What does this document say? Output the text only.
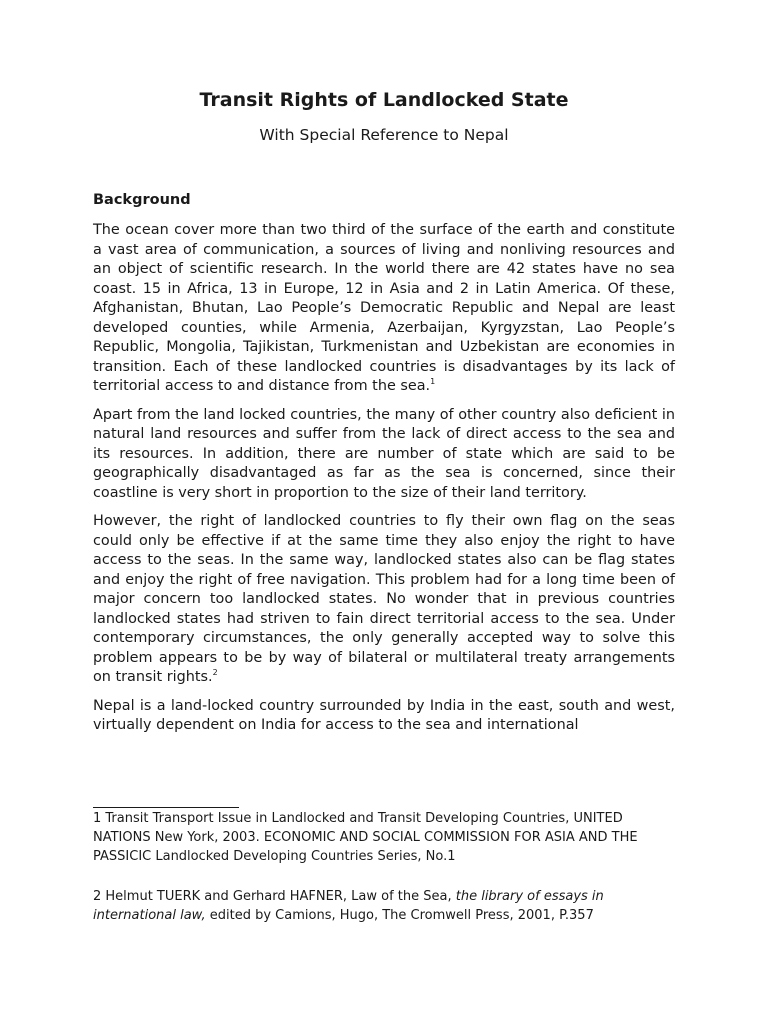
Transit Rights of Landlocked State
With Special Reference to Nepal
Background

The ocean cover more than two third of the surface of the earth and constitute a vast area of communication, a sources of living and nonliving resources and an object of scientific research. In the world there are 42 states have no sea coast. 15 in Africa, 13 in Europe, 12 in Asia and 2 in Latin America. Of these, Afghanistan, Bhutan, Lao People’s Democratic Republic and Nepal are least developed counties, while Armenia, Azerbaijan, Kyrgyzstan, Lao People’s Republic, Mongolia, Tajikistan, Turkmenistan and Uzbekistan are economies in transition. Each of these landlocked countries is disadvantages by its lack of territorial access to and distance from the sea.$^1$

Apart from the land locked countries, the many of other country also deficient in natural land resources and suffer from the lack of direct access to the sea and its resources. In addition, there are number of state which are said to be geographically disadvantaged as far as the sea is concerned, since their coastline is very short in proportion to the size of their land territory.

However, the right of landlocked countries to fly their own flag on the seas could only be effective if at the same time they also enjoy the right to have access to the seas. In the same way, landlocked states also can be flag states and enjoy the right of free navigation. This problem had for a long time been of major concern too landlocked states. No wonder that in previous countries landlocked states had striven to fain direct territorial access to the sea. Under contemporary circumstances, the only generally accepted way to solve this problem appears to be by way of bilateral or multilateral treaty arrangements on transit rights.$^2$

Nepal is a land-locked country surrounded by India in the east, south and west, virtually dependent on India for access to the sea and international

1 Transit Transport Issue in Landlocked and Transit Developing Countries, UNITED NATIONS New York, 2003. ECONOMIC AND SOCIAL COMMISSION FOR ASIA AND THE PASSICIC Landlocked Developing Countries Series, No.1
2 Helmut TUERK and Gerhard HAFNER, Law of the Sea, the library of essays in international law, edited by Camions, Hugo, The Cromwell Press, 2001, P.357
